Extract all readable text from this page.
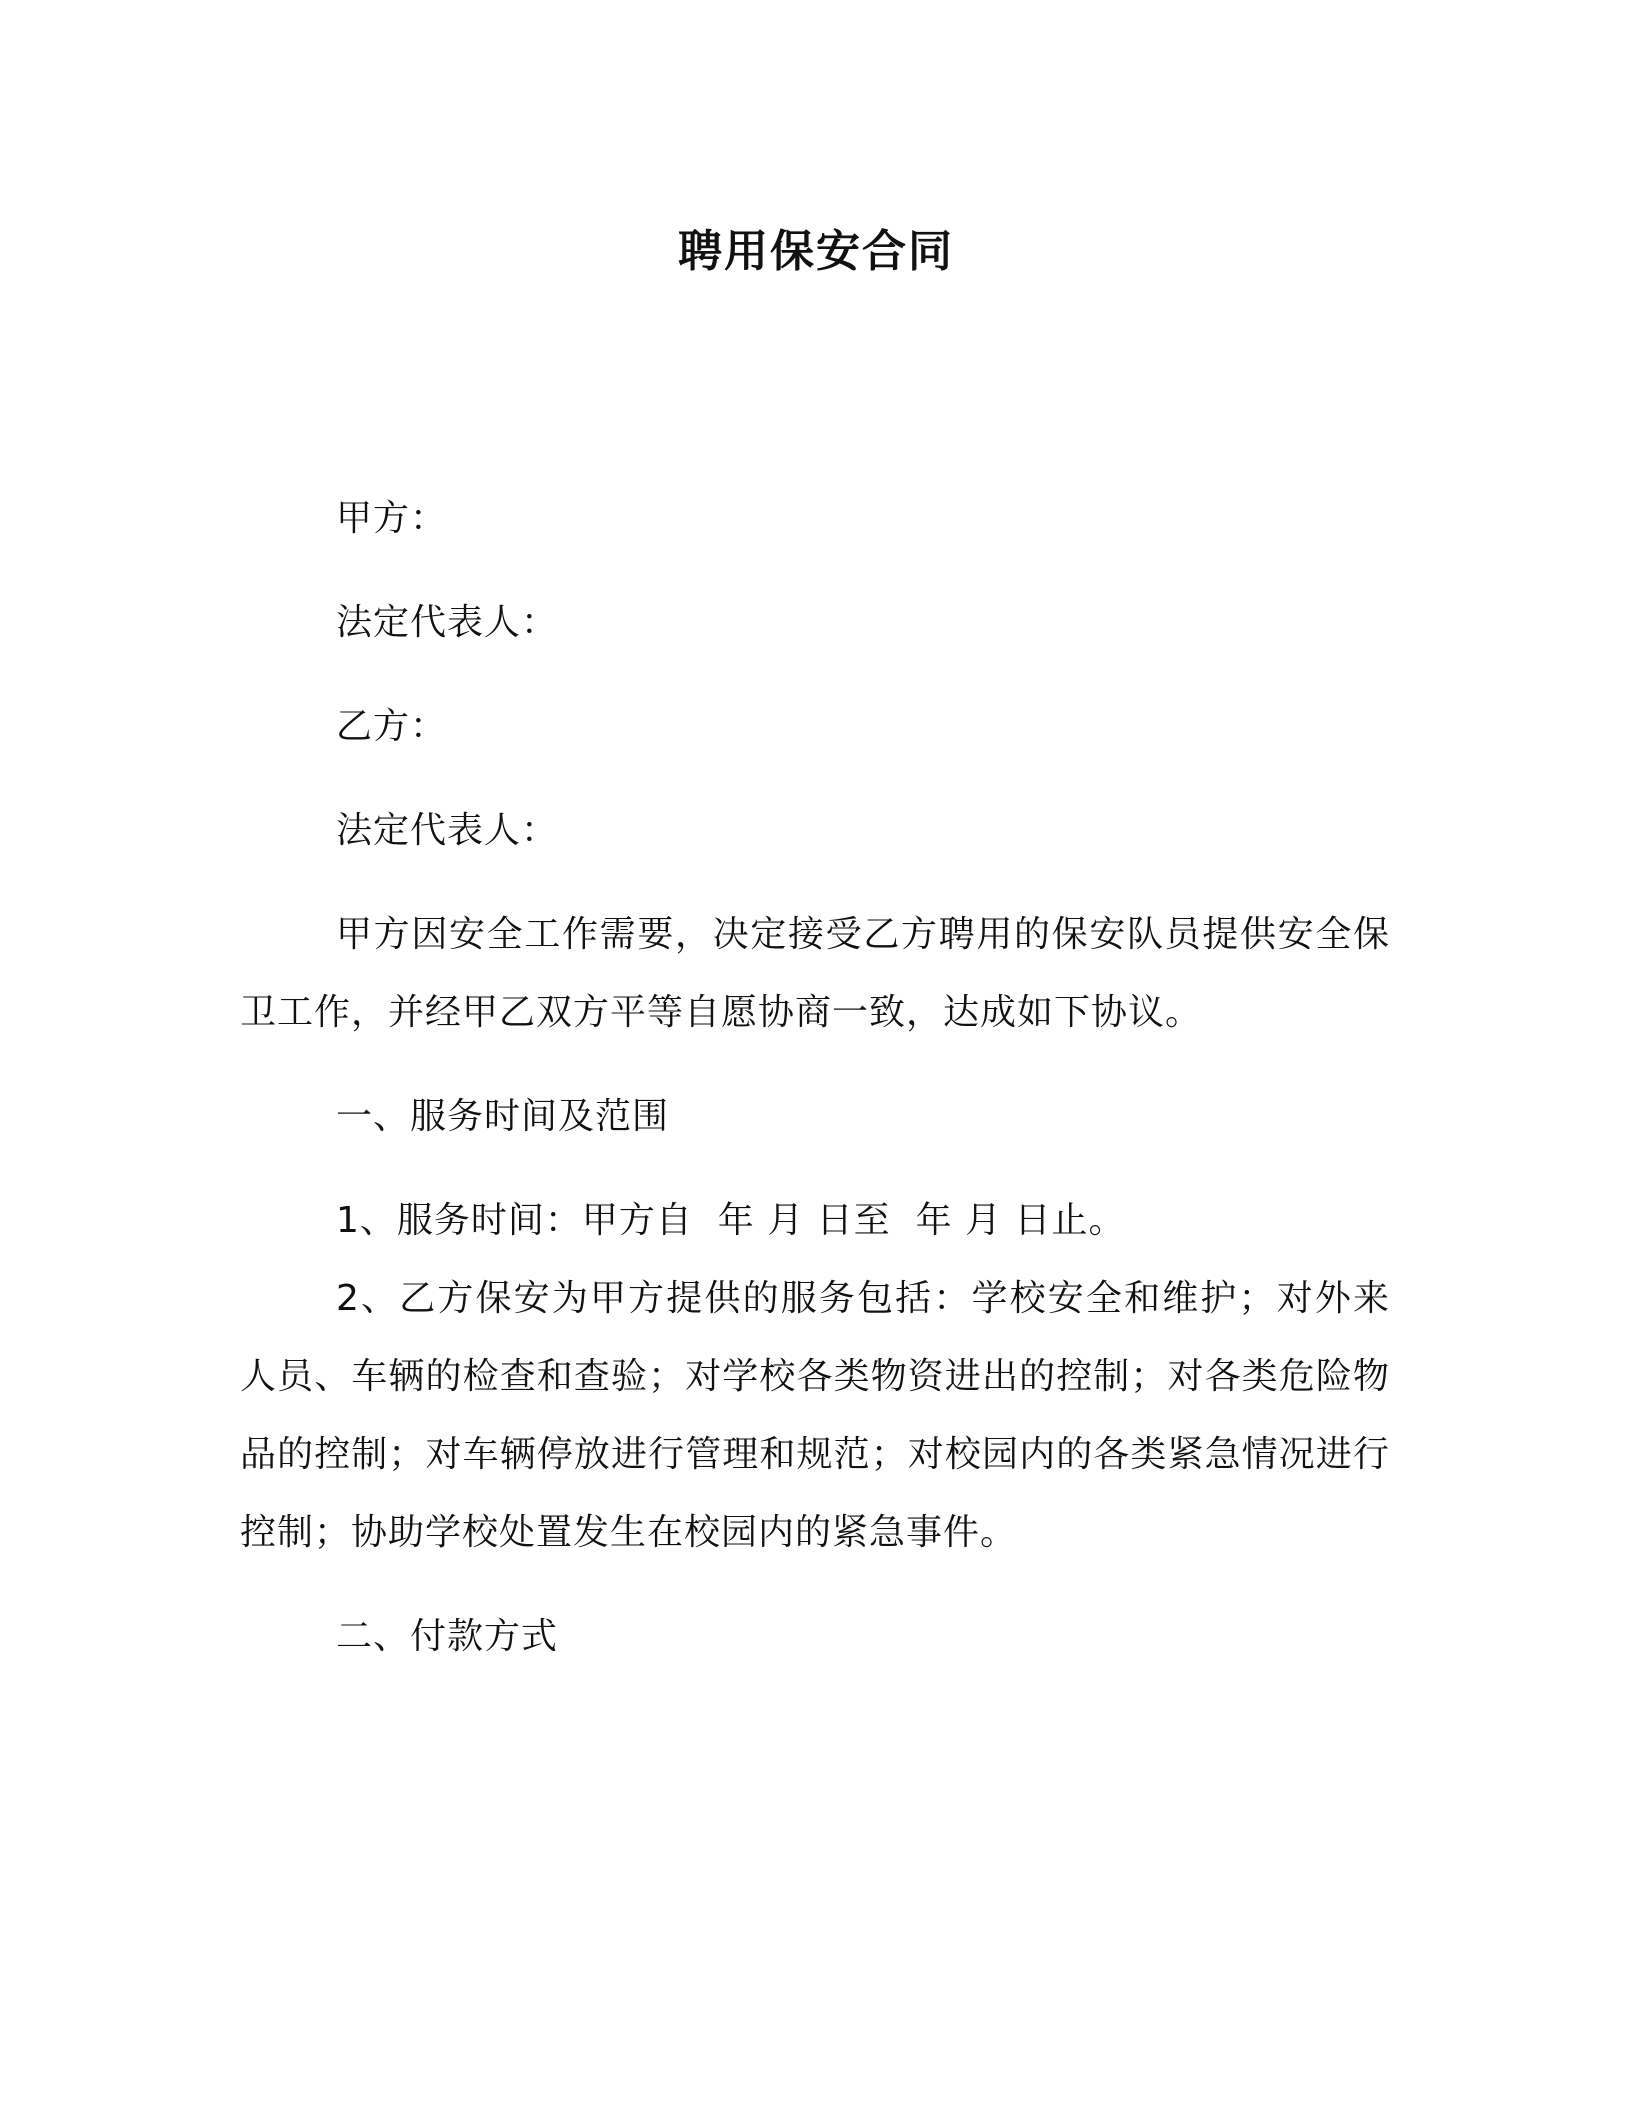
聘用保安合同

甲方：

法定代表人：

乙方：

法定代表人：

甲方因安全工作需要，决定接受乙方聘用的保安队员提供安全保卫工作，并经甲乙双方平等自愿协商一致，达成如下协议。

一、服务时间及范围

1、服务时间：甲方自  年 月 日至  年 月 日止。

2、乙方保安为甲方提供的服务包括：学校安全和维护；对外来人员、车辆的检查和查验；对学校各类物资进出的控制；对各类危险物品的控制；对车辆停放进行管理和规范；对校园内的各类紧急情况进行控制；协助学校处置发生在校园内的紧急事件。

二、付款方式
